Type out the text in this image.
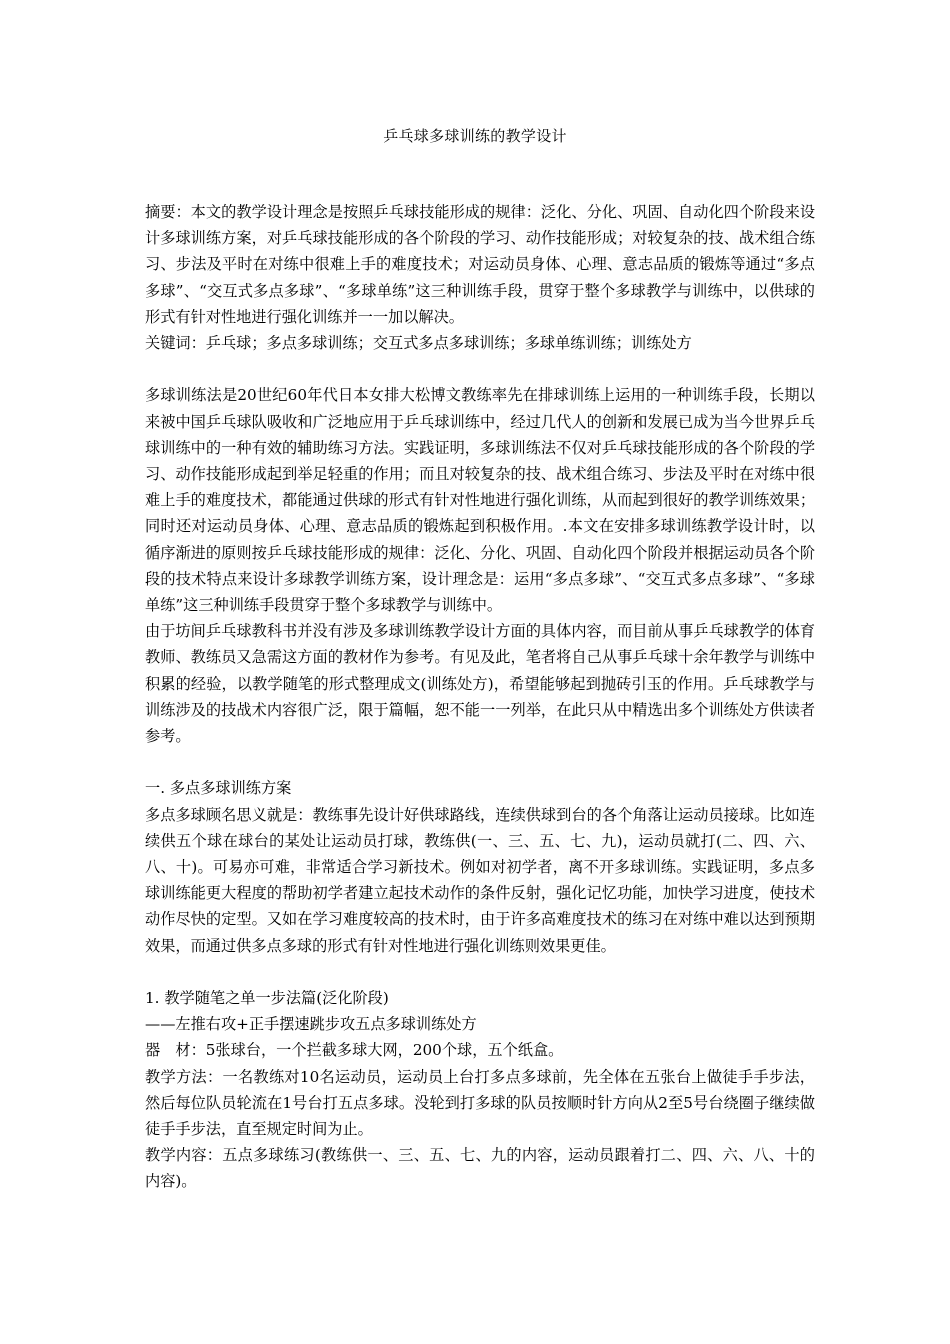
乒乓球多球训练的教学设计

摘要：本文的教学设计理念是按照乒乓球技能形成的规律：泛化、分化、巩固、自动化四个阶段来设计多球训练方案，对乒乓球技能形成的各个阶段的学习、动作技能形成；对较复杂的技、战术组合练习、步法及平时在对练中很难上手的难度技术；对运动员身体、心理、意志品质的锻炼等通过“多点多球”、“交互式多点多球”、“多球单练”这三种训练手段，贯穿于整个多球教学与训练中，以供球的形式有针对性地进行强化训练并一一加以解决。

关键词：乒乓球；多点多球训练；交互式多点多球训练；多球单练训练；训练处方

多球训练法是20世纪60年代日本女排大松博文教练率先在排球训练上运用的一种训练手段，长期以来被中国乒乓球队吸收和广泛地应用于乒乓球训练中，经过几代人的创新和发展已成为当今世界乒乓球训练中的一种有效的辅助练习方法。实践证明，多球训练法不仅对乒乓球技能形成的各个阶段的学习、动作技能形成起到举足轻重的作用；而且对较复杂的技、战术组合练习、步法及平时在对练中很难上手的难度技术，都能通过供球的形式有针对性地进行强化训练，从而起到很好的教学训练效果；同时还对运动员身体、心理、意志品质的锻炼起到积极作用。.本文在安排多球训练教学设计时，以循序渐进的原则按乒乓球技能形成的规律：泛化、分化、巩固、自动化四个阶段并根据运动员各个阶段的技术特点来设计多球教学训练方案，设计理念是：运用“多点多球”、“交互式多点多球”、“多球单练”这三种训练手段贯穿于整个多球教学与训练中。

由于坊间乒乓球教科书并没有涉及多球训练教学设计方面的具体内容，而目前从事乒乓球教学的体育教师、教练员又急需这方面的教材作为参考。有见及此，笔者将自己从事乒乓球十余年教学与训练中积累的经验，以教学随笔的形式整理成文(训练处方)，希望能够起到抛砖引玉的作用。乒乓球教学与训练涉及的技战术内容很广泛，限于篇幅，恕不能一一列举，在此只从中精选出多个训练处方供读者参考。

一. 多点多球训练方案

多点多球顾名思义就是：教练事先设计好供球路线，连续供球到台的各个角落让运动员接球。比如连续供五个球在球台的某处让运动员打球，教练供(一、三、五、七、九)，运动员就打(二、四、六、八、十)。可易亦可难，非常适合学习新技术。例如对初学者，离不开多球训练。实践证明，多点多球训练能更大程度的帮助初学者建立起技术动作的条件反射，强化记忆功能，加快学习进度，使技术动作尽快的定型。又如在学习难度较高的技术时，由于许多高难度技术的练习在对练中难以达到预期效果，而通过供多点多球的形式有针对性地进行强化训练则效果更佳。

1. 教学随笔之单一步法篇(泛化阶段)

——左推右攻+正手摆速跳步攻五点多球训练处方

器　材：5张球台，一个拦截多球大网，200个球，五个纸盒。

教学方法：一名教练对10名运动员，运动员上台打多点多球前，先全体在五张台上做徒手手步法，然后每位队员轮流在1号台打五点多球。没轮到打多球的队员按顺时针方向从2至5号台绕圈子继续做徒手手步法，直至规定时间为止。

教学内容：五点多球练习(教练供一、三、五、七、九的内容，运动员跟着打二、四、六、八、十的内容)。
